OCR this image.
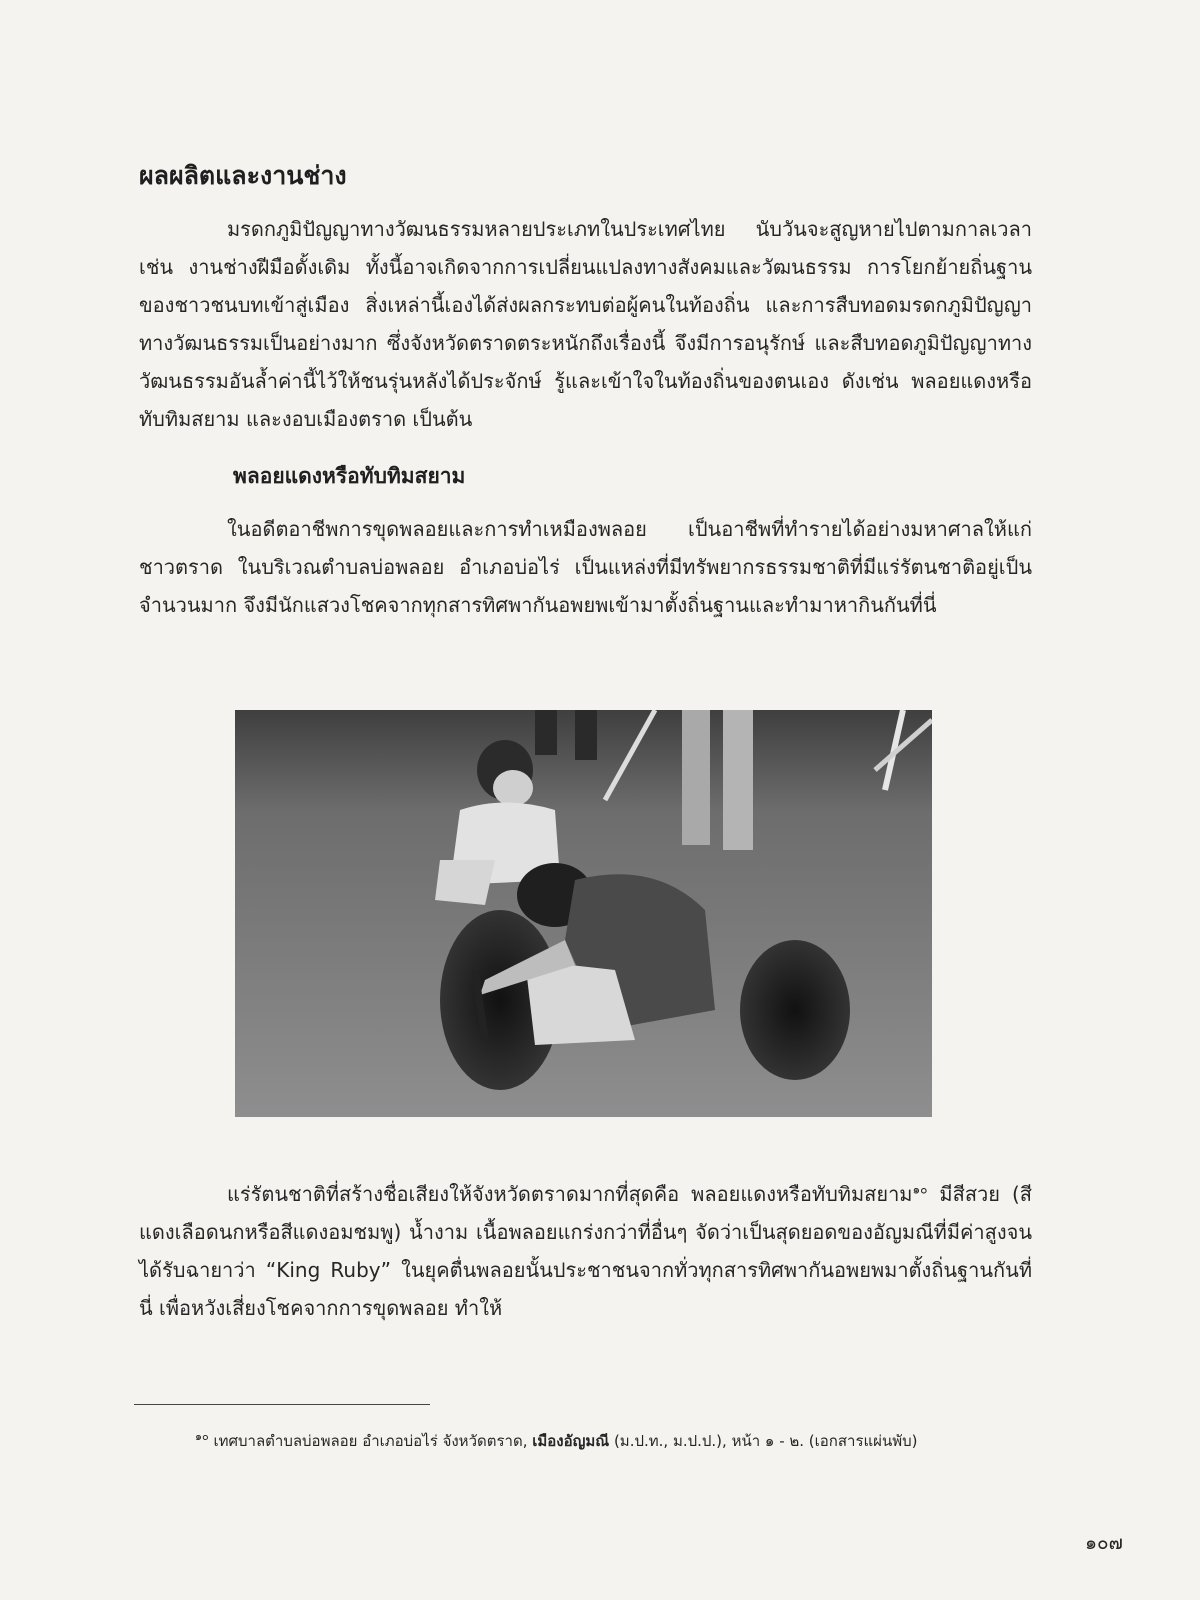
ผลผลิตและงานช่าง

มรดกภูมิปัญญาทางวัฒนธรรมหลายประเภทในประเทศไทย นับวันจะสูญหายไปตามกาลเวลา เช่น งานช่างฝีมือดั้งเดิม ทั้งนี้อาจเกิดจากการเปลี่ยนแปลงทางสังคมและวัฒนธรรม การโยกย้ายถิ่นฐานของชาวชนบทเข้าสู่เมือง สิ่งเหล่านี้เองได้ส่งผลกระทบต่อผู้คนในท้องถิ่น และการสืบทอดมรดกภูมิปัญญาทางวัฒนธรรมเป็นอย่างมาก ซึ่งจังหวัดตราดตระหนักถึงเรื่องนี้ จึงมีการอนุรักษ์ และสืบทอดภูมิปัญญาทางวัฒนธรรมอันล้ำค่านี้ไว้ให้ชนรุ่นหลังได้ประจักษ์ รู้และเข้าใจในท้องถิ่นของตนเอง ดังเช่น พลอยแดงหรือทับทิมสยาม และงอบเมืองตราด เป็นต้น

พลอยแดงหรือทับทิมสยาม

ในอดีตอาชีพการขุดพลอยและการทำเหมืองพลอย เป็นอาชีพที่ทำรายได้อย่างมหาศาลให้แก่ชาวตราด ในบริเวณตำบลบ่อพลอย อำเภอบ่อไร่ เป็นแหล่งที่มีทรัพยากรธรรมชาติที่มีแร่รัตนชาติอยู่เป็นจำนวนมาก จึงมีนักแสวงโชคจากทุกสารทิศพากันอพยพเข้ามาตั้งถิ่นฐานและทำมาหากินกันที่นี่

แร่รัตนชาติที่สร้างชื่อเสียงให้จังหวัดตราดมากที่สุดคือ พลอยแดงหรือทับทิมสยาม$^{๑๐}$ มีสีสวย (สีแดงเลือดนกหรือสีแดงอมชมพู) น้ำงาม เนื้อพลอยแกร่งกว่าที่อื่นๆ จัดว่าเป็นสุดยอดของอัญมณีที่มีค่าสูงจนได้รับฉายาว่า “King Ruby” ในยุคตื่นพลอยนั้นประชาชนจากทั่วทุกสารทิศพากันอพยพมาตั้งถิ่นฐานกันที่นี่ เพื่อหวังเสี่ยงโชคจากการขุดพลอย ทำให้

$^{๑๐}$ เทศบาลตำบลบ่อพลอย อำเภอบ่อไร่ จังหวัดตราด, เมืองอัญมณี (ม.ป.ท., ม.ป.ป.), หน้า ๑ - ๒. (เอกสารแผ่นพับ)

๑๐๗
